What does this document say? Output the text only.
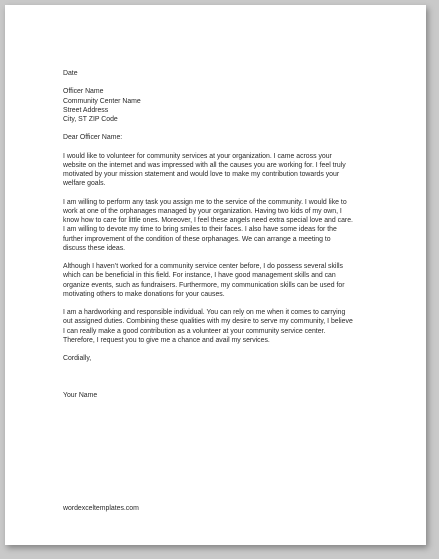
Date
Officer Name
Community Center Name
Street Address
City, ST ZIP Code
Dear Officer Name:
I would like to volunteer for community services at your organization. I came across your
website on the internet and was impressed with all the causes you are working for. I feel truly
motivated by your mission statement and would love to make my contribution towards your
welfare goals.
I am willing to perform any task you assign me to the service of the community. I would like to
work at one of the orphanages managed by your organization. Having two kids of my own, I
know how to care for little ones. Moreover, I feel these angels need extra special love and care.
I am willing to devote my time to bring smiles to their faces. I also have some ideas for the
further improvement of the condition of these orphanages. We can arrange a meeting to
discuss these ideas.
Although I haven’t worked for a community service center before, I do possess several skills
which can be beneficial in this field. For instance, I have good management skills and can
organize events, such as fundraisers. Furthermore, my communication skills can be used for
motivating others to make donations for your causes.
I am a hardworking and responsible individual. You can rely on me when it comes to carrying
out assigned duties. Combining these qualities with my desire to serve my community, I believe
I can really make a good contribution as a volunteer at your community service center.
Therefore, I request you to give me a chance and avail my services.
Cordially,
Your Name
wordexceltemplates.com
